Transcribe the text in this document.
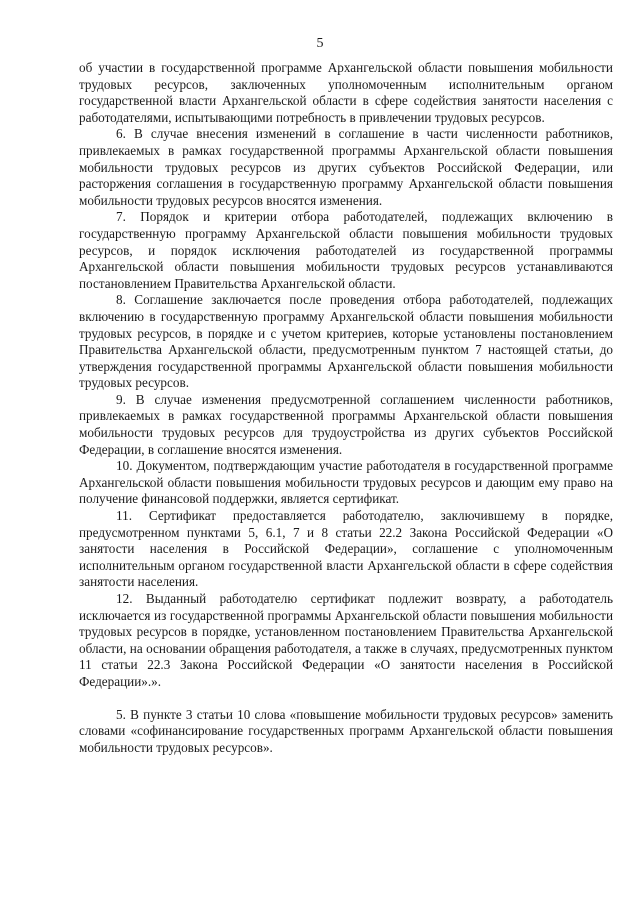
5

об участии в государственной программе Архангельской области повышения мобильности трудовых ресурсов, заключенных уполномоченным исполнительным органом государственной власти Архангельской области в сфере содействия занятости населения с работодателями, испытывающими потребность в привлечении трудовых ресурсов.

6. В случае внесения изменений в соглашение в части численности работников, привлекаемых в рамках государственной программы Архангельской области повышения мобильности трудовых ресурсов из других субъектов Российской Федерации, или расторжения соглашения в государственную программу Архангельской области повышения мобильности трудовых ресурсов вносятся изменения.

7. Порядок и критерии отбора работодателей, подлежащих включению в государственную программу Архангельской области повышения мобильности трудовых ресурсов, и порядок исключения работодателей из государственной программы Архангельской области повышения мобильности трудовых ресурсов устанавливаются постановлением Правительства Архангельской области.

8. Соглашение заключается после проведения отбора работодателей, подлежащих включению в государственную программу Архангельской области повышения мобильности трудовых ресурсов, в порядке и с учетом критериев, которые установлены постановлением Правительства Архангельской области, предусмотренным пунктом 7 настоящей статьи, до утверждения государственной программы Архангельской области повышения мобильности трудовых ресурсов.

9. В случае изменения предусмотренной соглашением численности работников, привлекаемых в рамках государственной программы Архангельской области повышения мобильности трудовых ресурсов для трудоустройства из других субъектов Российской Федерации, в соглашение вносятся изменения.

10. Документом, подтверждающим участие работодателя в государственной программе Архангельской области повышения мобильности трудовых ресурсов и дающим ему право на получение финансовой поддержки, является сертификат.

11. Сертификат предоставляется работодателю, заключившему в порядке, предусмотренном пунктами 5, 6.1, 7 и 8 статьи 22.2 Закона Российской Федерации «О занятости населения в Российской Федерации», соглашение с уполномоченным исполнительным органом государственной власти Архангельской области в сфере содействия занятости населения.

12. Выданный работодателю сертификат подлежит возврату, а работодатель исключается из государственной программы Архангельской области повышения мобильности трудовых ресурсов в порядке, установленном постановлением Правительства Архангельской области, на основании обращения работодателя, а также в случаях, предусмотренных пунктом 11 статьи 22.3 Закона Российской Федерации «О занятости населения в Российской Федерации».».

5. В пункте 3 статьи 10 слова «повышение мобильности трудовых ресурсов» заменить словами «софинансирование государственных программ Архангельской области повышения мобильности трудовых ресурсов».
